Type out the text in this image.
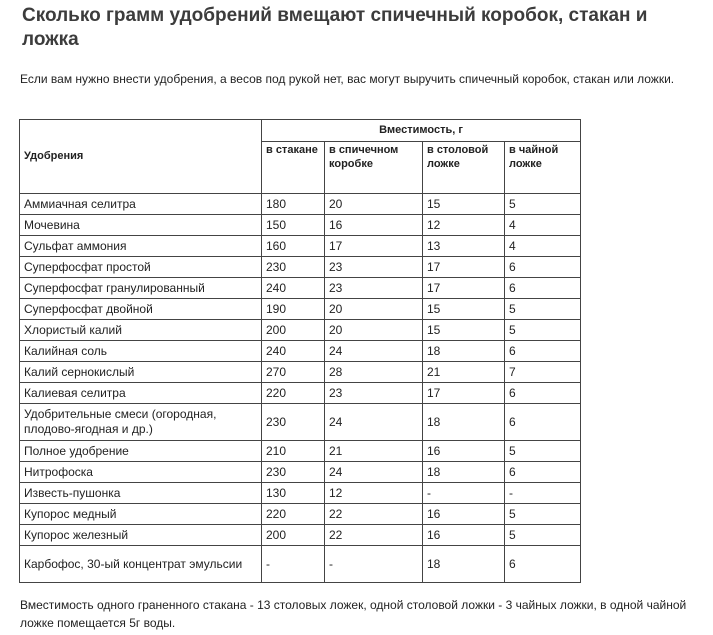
Сколько грамм удобрений вмещают спичечный коробок, стакан и ложка

Если вам нужно внести удобрения, а весов под рукой нет, вас могут выручить спичечный коробок, стакан или ложки.

Удобрения	Вместимость, г			
	в стакане	в спичечном коробке	в столовой ложке	в чайной ложке
Аммиачная селитра	180	20	15	5
Мочевина	150	16	12	4
Сульфат аммония	160	17	13	4
Суперфосфат простой	230	23	17	6
Суперфосфат гранулированный	240	23	17	6
Суперфосфат двойной	190	20	15	5
Хлористый калий	200	20	15	5
Калийная соль	240	24	18	6
Калий сернокислый	270	28	21	7
Калиевая селитра	220	23	17	6
Удобрительные смеси (огородная, плодово-ягодная и др.)	230	24	18	6
Полное удобрение	210	21	16	5
Нитрофоска	230	24	18	6
Известь-пушонка	130	12	-	-
Купорос медный	220	22	16	5
Купорос железный	200	22	16	5
Карбофос, 30-ый концентрат эмульсии	-	-	18	6

Вместимость одного граненного стакана - 13 столовых ложек, одной столовой ложки - 3 чайных ложки, в одной чайной ложке помещается 5г воды.
